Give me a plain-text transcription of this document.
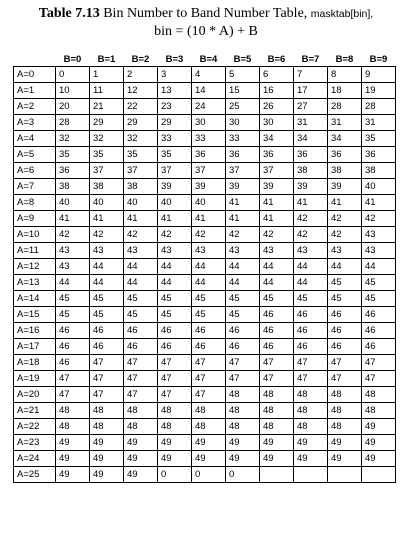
Table 7.13 Bin Number to Band Number Table, masktab[bin],
bin = (10 * A) + B
	B=0	B=1	B=2	B=3	B=4	B=5	B=6	B=7	B=8	B=9
A=0	0	1	2	3	4	5	6	7	8	9
A=1	10	11	12	13	14	15	16	17	18	19
A=2	20	21	22	23	24	25	26	27	28	28
A=3	28	29	29	29	30	30	30	31	31	31
A=4	32	32	32	33	33	33	34	34	34	35
A=5	35	35	35	35	36	36	36	36	36	36
A=6	36	37	37	37	37	37	37	38	38	38
A=7	38	38	38	39	39	39	39	39	39	40
A=8	40	40	40	40	40	41	41	41	41	41
A=9	41	41	41	41	41	41	41	42	42	42
A=10	42	42	42	42	42	42	42	42	42	43
A=11	43	43	43	43	43	43	43	43	43	43
A=12	43	44	44	44	44	44	44	44	44	44
A=13	44	44	44	44	44	44	44	44	45	45
A=14	45	45	45	45	45	45	45	45	45	45
A=15	45	45	45	45	45	45	46	46	46	46
A=16	46	46	46	46	46	46	46	46	46	46
A=17	46	46	46	46	46	46	46	46	46	46
A=18	46	47	47	47	47	47	47	47	47	47
A=19	47	47	47	47	47	47	47	47	47	47
A=20	47	47	47	47	47	48	48	48	48	48
A=21	48	48	48	48	48	48	48	48	48	48
A=22	48	48	48	48	48	48	48	48	48	49
A=23	49	49	49	49	49	49	49	49	49	49
A=24	49	49	49	49	49	49	49	49	49	49
A=25	49	49	49	0	0	0				
